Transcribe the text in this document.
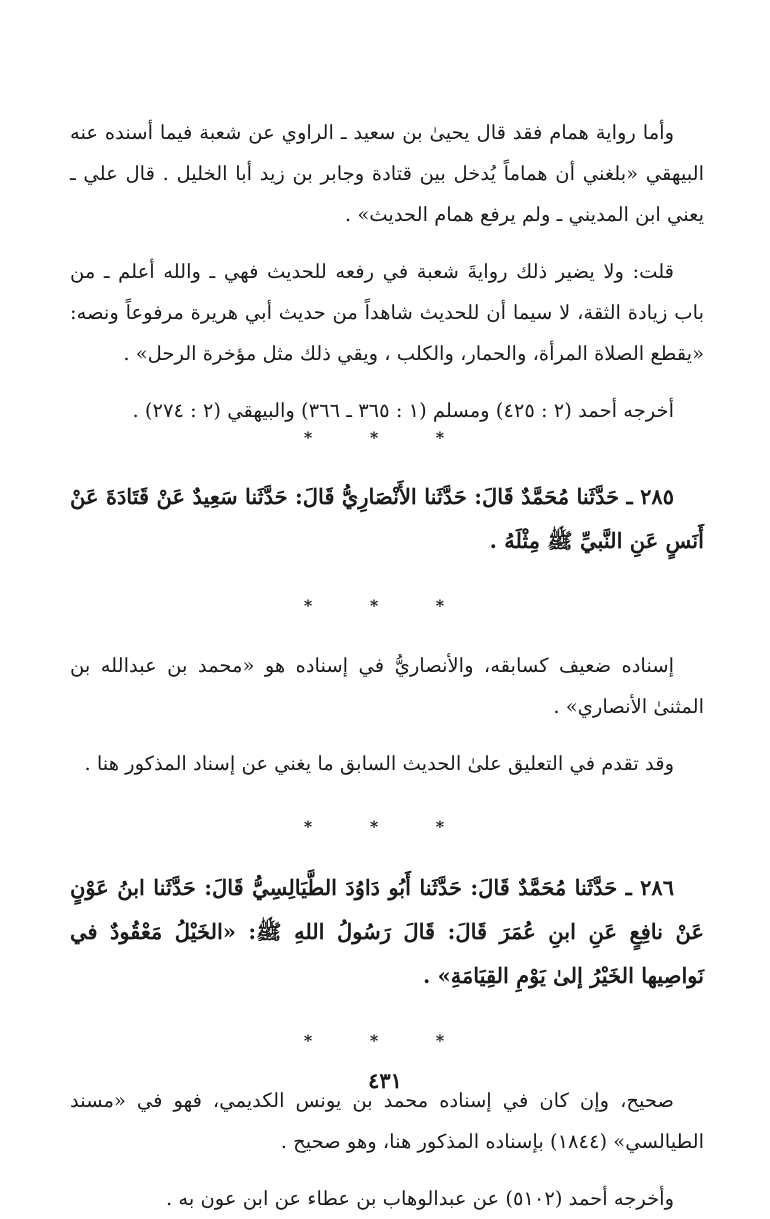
وأما رواية همام فقد قال يحيىٰ بن سعيد ـ الراوي عن شعبة فيما أسنده عنه البيهقي «بلغني أن هماماً يُدخل بين قتادة وجابر بن زيد أبا الخليل . قال علي ـ يعني ابن المديني ـ ولم يرفع همام الحديث» .

قلت: ولا يضير ذلك روايةَ شعبة في رفعه للحديث فهي ـ والله أعلم ـ من باب زيادة الثقة، لا سيما أن للحديث شاهداً من حديث أبي هريرة مرفوعاً ونصه: «يقطع الصلاة المرأة، والحمار، والكلب ، ويقي ذلك مثل مؤخرة الرحل» .

أخرجه أحمد (٢ : ٤٢٥) ومسلم (١ : ٣٦٥ ـ ٣٦٦) والبيهقي (٢ : ٢٧٤) .

* * *

٢٨٥ ـ حَدَّثَنا مُحَمَّدٌ قَالَ: حَدَّثَنا الأَنْصَارِيُّ قَالَ: حَدَّثَنا سَعِيدٌ عَنْ قَتَادَةَ عَنْ أَنَسٍ عَنِ النَّبيِّ ﷺ مِثْلَهُ .

* * *

إسناده ضعيف كسابقه، والأنصاريُّ في إسناده هو «محمد بن عبدالله بن المثنىٰ الأنصاري» .

وقد تقدم في التعليق علىٰ الحديث السابق ما يغني عن إسناد المذكور هنا .

* * *

٢٨٦ ـ حَدَّثَنا مُحَمَّدٌ قَالَ: حَدَّثَنا أَبُو دَاوُدَ الطَّيَالِسِيُّ قَالَ: حَدَّثَنا ابنُ عَوْنٍ عَنْ نافِعٍ عَنِ ابنِ عُمَرَ قَالَ: قَالَ رَسُولُ اللهِ ﷺ: «الخَيْلُ مَعْقُودٌ في نَواصِيها الخَيْرُ إلىٰ يَوْمِ القِيَامَةِ» .

* * *

صحيح، وإن كان في إسناده محمد بن يونس الكديمي، فهو في «مسند الطيالسي» (١٨٤٤) بإسناده المذكور هنا، وهو صحيح .

وأخرجه أحمد (٥١٠٢) عن عبدالوهاب بن عطاء عن ابن عون به .

٤٣١
